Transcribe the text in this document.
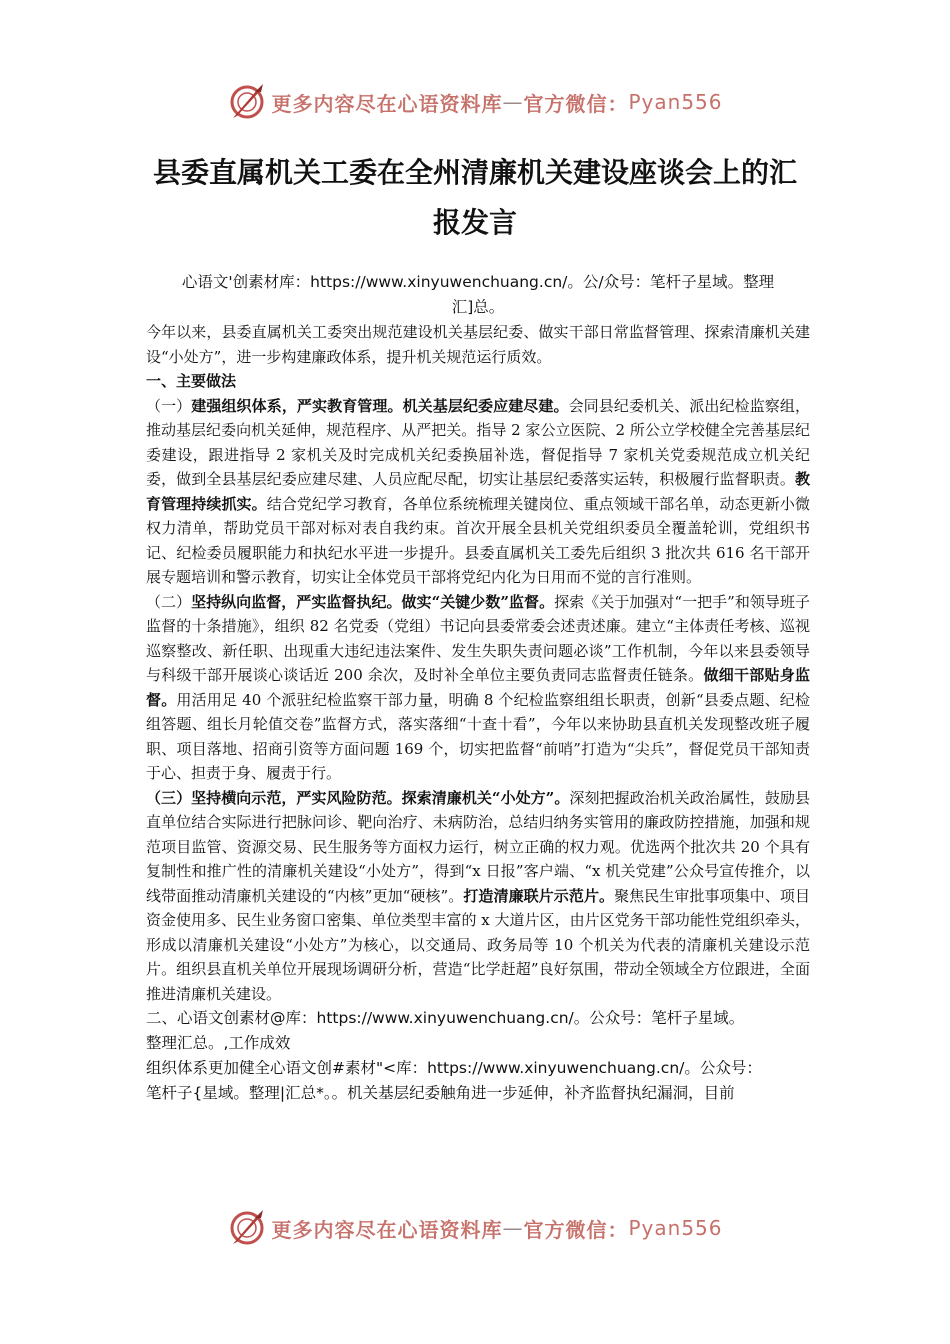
更多内容尽在心语资料库 — 官方微信： Pyan556
县委直属机关工委在全州清廉机关建设座谈会上的汇
报发言

心语文'创素材库：https://www.xinyuwenchuang.cn/。公/众号：笔杆子星域。整理

汇]总。

今年以来，县委直属机关工委突出规范建设机关基层纪委、做实干部日常监督管理、探索清廉机关建设“小处方”，进一步构建廉政体系，提升机关规范运行质效。

一、主要做法

（一）建强组织体系，严实教育管理。机关基层纪委应建尽建。会同县纪委机关、派出纪检监察组，推动基层纪委向机关延伸，规范程序、从严把关。指导 2 家公立医院、2 所公立学校健全完善基层纪委建设，跟进指导 2 家机关及时完成机关纪委换届补选，督促指导 7 家机关党委规范成立机关纪委，做到全县基层纪委应建尽建、人员应配尽配，切实让基层纪委落实运转，积极履行监督职责。教育管理持续抓实。结合党纪学习教育，各单位系统梳理关键岗位、重点领域干部名单，动态更新小微权力清单，帮助党员干部对标对表自我约束。首次开展全县机关党组织委员全覆盖轮训，党组织书记、纪检委员履职能力和执纪水平进一步提升。县委直属机关工委先后组织 3 批次共 616 名干部开展专题培训和警示教育，切实让全体党员干部将党纪内化为日用而不觉的言行准则。

（二）坚持纵向监督，严实监督执纪。做实“关键少数”监督。探索《关于加强对“一把手”和领导班子监督的十条措施》，组织 82 名党委（党组）书记向县委常委会述责述廉。建立“主体责任考核、巡视巡察整改、新任职、出现重大违纪违法案件、发生失职失责问题必谈”工作机制，今年以来县委领导与科级干部开展谈心谈话近 200 余次，及时补全单位主要负责同志监督责任链条。做细干部贴身监督。用活用足 40 个派驻纪检监察干部力量，明确 8 个纪检监察组组长职责，创新“县委点题、纪检组答题、组长月轮值交卷”监督方式，落实落细“十查十看”，今年以来协助县直机关发现整改班子履职、项目落地、招商引资等方面问题 169 个，切实把监督“前哨”打造为“尖兵”，督促党员干部知责于心、担责于身、履责于行。

（三）坚持横向示范，严实风险防范。探索清廉机关“小处方”。深刻把握政治机关政治属性，鼓励县直单位结合实际进行把脉问诊、靶向治疗、未病防治，总结归纳务实管用的廉政防控措施，加强和规范项目监管、资源交易、民生服务等方面权力运行，树立正确的权力观。优选两个批次共 20 个具有复制性和推广性的清廉机关建设“小处方”，得到“x 日报”客户端、“x 机关党建”公众号宣传推介，以线带面推动清廉机关建设的“内核”更加“硬核”。打造清廉联片示范片。聚焦民生审批事项集中、项目资金使用多、民生业务窗口密集、单位类型丰富的 x 大道片区，由片区党务干部功能性党组织牵头，形成以清廉机关建设“小处方”为核心，以交通局、政务局等 10 个机关为代表的清廉机关建设示范片。组织县直机关单位开展现场调研分析，营造“比学赶超”良好氛围，带动全领域全方位跟进，全面推进清廉机关建设。

二、心语文创素材@库：https://www.xinyuwenchuang.cn/。公众号：笔杆子星域。
整理汇总。,工作成效

组织体系更加健全心语文创#素材"<库：https://www.xinyuwenchuang.cn/。公众号：
笔杆子{星域。整理|汇总*。。机关基层纪委触角进一步延伸，补齐监督执纪漏洞，目前

更多内容尽在心语资料库 — 官方微信： Pyan556
